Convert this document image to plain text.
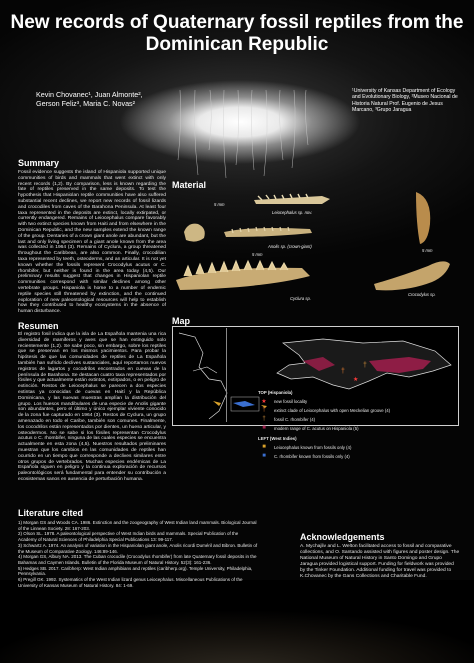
New records of Quaternary fossil reptiles from the Dominican Republic
Kevin Chovanec¹, Juan Almonte²,
Gerson Feliz³, Maria C. Novas²
¹University of Kansas Department of Ecology and Evolutionary Biology, ²Museo Nacional de Historia Natural Prof. Eugenio de Jesus Marcano, ³Grupo Jaragua
Summary
Fossil evidence suggests the island of Hispaniola supported unique communities of birds and mammals that went extinct with only recent records (1,2). By comparison, less is known regarding the fate of reptiles preserved in the same deposits. To test the hypothesis that Hispaniolan reptile communities have also suffered substantial recent declines, we report new records of fossil lizards and crocodiles from caves of the Barahona Peninsula. At least four taxa represented in the deposits are extinct, locally extirpated, or currently endangered. Remains of Leiocephalus compare favorably with two extinct species known from Haiti and from elsewhere in the Dominican Republic, and the new samples extend the known range of the group. Dentaries of a crown giant anole are abundant, but the last and only living specimen of a giant anole known from the area was collected in 1964 (3). Remains of Cyclura, a group threatened throughout the Caribbean, are also common. Finally, crocodilian taxa represented by teeth, osteoderms, and an articular. It is not yet known whether the fossils represent Crocodylus acutus or C. rhombifer, but neither is found in the area today (4,5). Our preliminary results suggest that changes in Hispaniolan reptile communities correspond with similar declines among other vertebrate groups. Hispaniola is home to a number of endemic reptile species still threatened by extinction, and the continued exploration of new paleontological resources will help to establish how they contributed to healthy ecosystems in the absence of human disturbance.
Resumen
El registro fosil indica que la isla de La Española mantenia una rica diversidad de mamiferos y aves que se han extinguido solo recientemente (1,2). Se sabe poco, sin embargo, sobre los reptiles que se preservan en los mismos yacimientos. Para probar la hipótesis de que las comunidades de reptiles de La Española también han sufrido declives sustanciales, aquí reportamos nuevos registros de lagartos y cocodrilos encontrados en cuevas de la península de Barahona. Se destacan cuatro taxa representados por fósiles y que actualmente están extintos, extirpados, o en peligro de extinción. Restos de Leiocephalus se parecen a dos especies extintas ya conocidas de cuevas en Haití y la República Dominicana, y las nuevas muestras amplían la distribución del grupo. Los huesos mandibulares de una especie de Anolis gigante son abundantes, pero el último y único ejemplar viviente conocido de la zona fue capturado en 1964 (3). Restos de Cyclura, un grupo amenazado en todo el Caribe, también son comunes. Finalmente, los cocodrilos están representados por dientes, un hueso articular, y osteodermos. No se sabe si los fósiles representan Crocodylus acutus o C. rhombifer, ninguna de las cuales especies se encuentra actualmente en esta zona (4,5). Nuestros resultados preliminares muestran que los cambios en las comunidades de reptiles han ocurrido en un tiempo que corresponde a declives similares entre otros grupos de vertebrados. Muchas especies endémicas de La Española siguen en peligro y la continua exploración de recursos paleontológicos será fundamental para entender su contribución a ecosistemas sanos en ausencia de perturbación humana.
Material
Leiocephalus sp. nov.
5 mm
Anolis sp. (crown-giant)
Cyclura sp.
5 mm
Crocodylus sp.
5 mm
Map
★
†
†
TOP (Hispaniola)
★	new fossil locality
†	extinct clade of Leiocephalus with open Meckelian groove (4)
†	fossil C. rhombifer (4)
■	modern range of C. acutus on Hispaniola (5)
LEFT (West Indies)
■	Leiocephalus known from fossils only (4)
■	C. rhombifer known from fossils only (4)
Literature cited
1) Morgan GS and Woods CA. 1986. Extinction and the zoogeography of West Indian land mammals. Biological Journal of the Linnean Society. 28: 167-203.
2) Olson SL. 1978. A paleontological perspective of West Indian birds and mammals. Special Publication of the Academy of Natural Sciences of Philadelphia Special Publications 13: 99-117.
3) Schwartz A. 1974. An analysis of variation in the Hispaniolan giant anole, Anolis ricordi Duméril and Bibron. Bulletin of the Museum of Comparative Zoology. 146:89-146.
4) Morgan GS, Albury NA. 2013. The Cuban crocodile (Crocodylus rhombifer) from late Quaternary fossil deposits in the Bahamas and Caymen Islands. Bulletin of the Florida Museum of Natural History. 52(3): 161-236.
5) Hedges SB. 2017. Caribherp: West Indian amphibians and reptiles (caribherp.org). Temple University, Philadelphia, Pennsylvania.
6) Pregill GK. 1992. Systematics of the West Indian lizard genus Leiocephalus. Miscellaneous Publications of the University of Kansas Museum of Natural History. 84: 1-69.
Acknowledgements
A. Mychajliv and L. Welton facilitated access to fossil and comparative collections, and O. Santando assisted with figures and poster design. The National Museum of Natural History in Santo Domingo and Grupo Jaragua provided logistical support. Funding for fieldwork was provided by the Tinker Foundation. Additional funding for travel was provided to K.Chovanec by the Gans Collections and Charitable Fund.
